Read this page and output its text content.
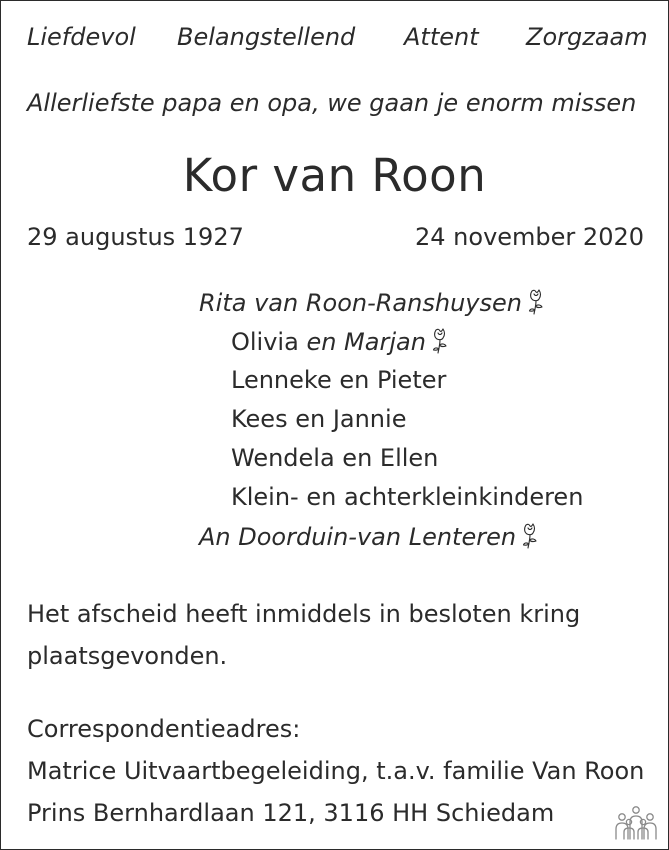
Liefdevol Belangstellend Attent Zorgzaam
Allerliefste papa en opa, we gaan je enorm missen
Kor van Roon
29 augustus 1927	24 november 2020
Rita van Roon-Ranshuysen
Olivia en Marjan
Lenneke en Pieter
Kees en Jannie
Wendela en Ellen
Klein- en achterkleinkinderen
An Doorduin-van Lenteren
Het afscheid heeft inmiddels in besloten kring
plaatsgevonden.
Correspondentieadres:
Matrice Uitvaartbegeleiding, t.a.v. familie Van Roon
Prins Bernhardlaan 121, 3116 HH Schiedam
